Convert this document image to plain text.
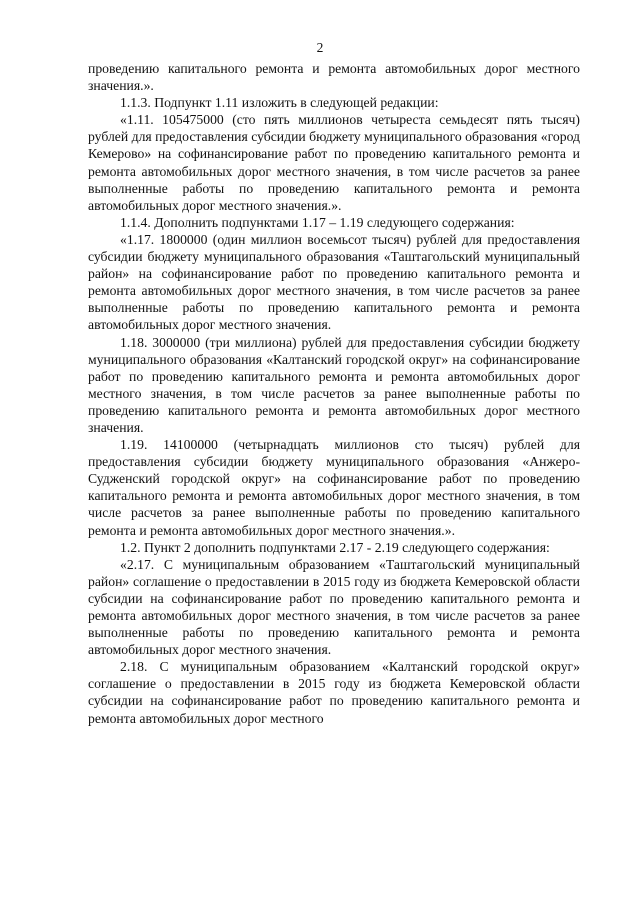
2

проведению капитального ремонта и ремонта автомобильных дорог местного значения.».

1.1.3. Подпункт 1.11 изложить в следующей редакции:

«1.11. 105475000 (сто пять миллионов четыреста семьдесят пять тысяч) рублей для предоставления субсидии бюджету муниципального образования «город Кемерово» на софинансирование работ по проведению капитального ремонта и ремонта автомобильных дорог местного значения, в том числе расчетов за ранее выполненные работы по проведению капитального ремонта и ремонта автомобильных дорог местного значения.».

1.1.4. Дополнить подпунктами 1.17 – 1.19 следующего содержания:

«1.17. 1800000 (один миллион восемьсот тысяч) рублей для предоставления субсидии бюджету муниципального образования «Таштагольский муниципальный район» на софинансирование работ по проведению капитального ремонта и ремонта автомобильных дорог местного значения, в том числе расчетов за ранее выполненные работы по проведению капитального ремонта и ремонта автомобильных дорог местного значения.

1.18. 3000000 (три миллиона) рублей для предоставления субсидии бюджету муниципального образования «Калтанский городской округ» на софинансирование работ по проведению капитального ремонта и ремонта автомобильных дорог местного значения, в том числе расчетов за ранее выполненные работы по проведению капитального ремонта и ремонта автомобильных дорог местного значения.

1.19. 14100000 (четырнадцать миллионов сто тысяч) рублей для предоставления субсидии бюджету муниципального образования «Анжеро-Судженский городской округ» на софинансирование работ по проведению капитального ремонта и ремонта автомобильных дорог местного значения, в том числе расчетов за ранее выполненные работы по проведению капитального ремонта и ремонта автомобильных дорог местного значения.».

1.2. Пункт 2 дополнить подпунктами 2.17 - 2.19 следующего содержания:

«2.17. С муниципальным образованием «Таштагольский муниципальный район» соглашение о предоставлении в 2015 году из бюджета Кемеровской области субсидии на софинансирование работ по проведению капитального ремонта и ремонта автомобильных дорог местного значения, в том числе расчетов за ранее выполненные работы по проведению капитального ремонта и ремонта автомобильных дорог местного значения.

2.18. С муниципальным образованием «Калтанский городской округ» соглашение о предоставлении в 2015 году из бюджета Кемеровской области субсидии на софинансирование работ по проведению капитального ремонта и ремонта автомобильных дорог местного
